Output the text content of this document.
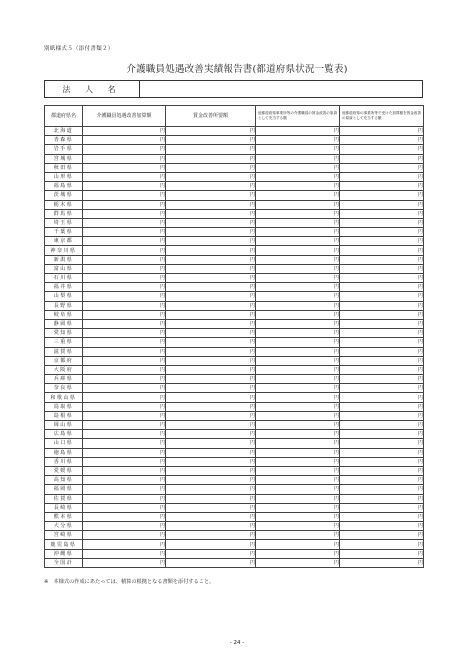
別紙様式５（添付書類２）
介護職員処遇改善実績報告書(都道府県状況一覧表)
法 人 名
都道府県名	介護職員処遇改善加算額	賃金改善所要額	他都道府県事業所等の介護職員の賃金改善の原資として充当する額	他都道府県の事業所等で受けた加算額を賃金改善の原資として充当する額
北海道	円	円	円	円
青森県	円	円	円	円
岩手県	円	円	円	円
宮城県	円	円	円	円
秋田県	円	円	円	円
山形県	円	円	円	円
福島県	円	円	円	円
茨城県	円	円	円	円
栃木県	円	円	円	円
群馬県	円	円	円	円
埼玉県	円	円	円	円
千葉県	円	円	円	円
東京都	円	円	円	円
神奈川県	円	円	円	円
新潟県	円	円	円	円
富山県	円	円	円	円
石川県	円	円	円	円
福井県	円	円	円	円
山梨県	円	円	円	円
長野県	円	円	円	円
岐阜県	円	円	円	円
静岡県	円	円	円	円
愛知県	円	円	円	円
三重県	円	円	円	円
滋賀県	円	円	円	円
京都府	円	円	円	円
大阪府	円	円	円	円
兵庫県	円	円	円	円
奈良県	円	円	円	円
和歌山県	円	円	円	円
鳥取県	円	円	円	円
島根県	円	円	円	円
岡山県	円	円	円	円
広島県	円	円	円	円
山口県	円	円	円	円
徳島県	円	円	円	円
香川県	円	円	円	円
愛媛県	円	円	円	円
高知県	円	円	円	円
福岡県	円	円	円	円
佐賀県	円	円	円	円
長崎県	円	円	円	円
熊本県	円	円	円	円
大分県	円	円	円	円
宮崎県	円	円	円	円
鹿児島県	円	円	円	円
沖縄県	円	円	円	円
全国計	円	円	円	円
※　本様式の作成にあたっては、積算の根拠となる書類を添付すること。
- 24 -
